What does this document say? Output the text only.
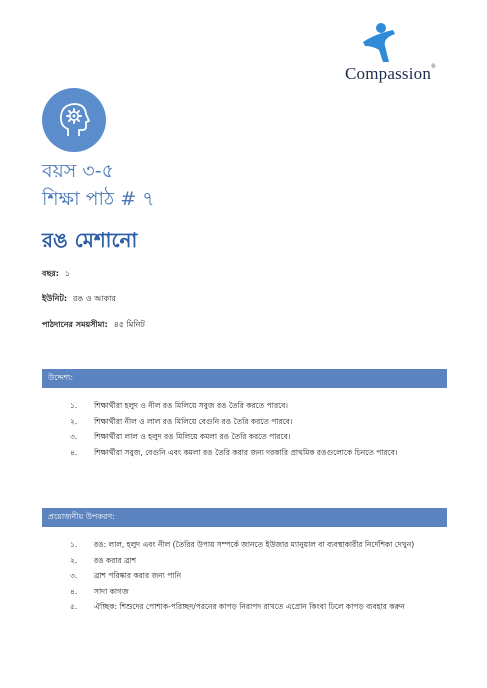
Compassion®
বয়স ৩-৫
শিক্ষা পাঠ # ৭
রঙ মেশানো
বছর: ১
ইউনিট: রঙ ও আকার
পাঠদানের সময়সীমা: ৪৫ মিনিট
উদ্দেশ্য:
১. শিক্ষার্থীরা হলুদ ও নীল রঙ মিলিয়ে সবুজ রঙ তৈরি করতে পারবে।
২. শিক্ষার্থীরা নীল ও লাল রঙ মিলিয়ে বেগুনি রঙ তৈরি করতে পারবে।
৩. শিক্ষার্থীরা লাল ও হলুদ রঙ মিলিয়ে কমলা রঙ তৈরি করতে পারবে।
৪. শিক্ষার্থীরা সবুজ, বেগুনি এবং কমলা রঙ তৈরি করার জন্য দরকারি প্রাথমিক রঙগুলোকে চিনতে পারবে।
প্রয়োজনীয় উপকরণ:
১. রঙ: লাল, হলুদ এবং নীল (তৈরির উপায় সম্পর্কে জানতে ইউজার ম্যানুয়াল বা ব্যবস্থাকারীর নির্দেশিকা দেখুন)
২. রঙ করার ব্রাশ
৩. ব্রাশ পরিষ্কার করার জন্য পানি
৪. সাদা কাগজ
৫. ঐচ্ছিক: শিশুদের পোশাক-পরিচ্ছদ/পরনের কাপড় নিরাপদ রাখতে এপ্রোন কিংবা ঢিলে কাপড় ব্যবহার করুন
